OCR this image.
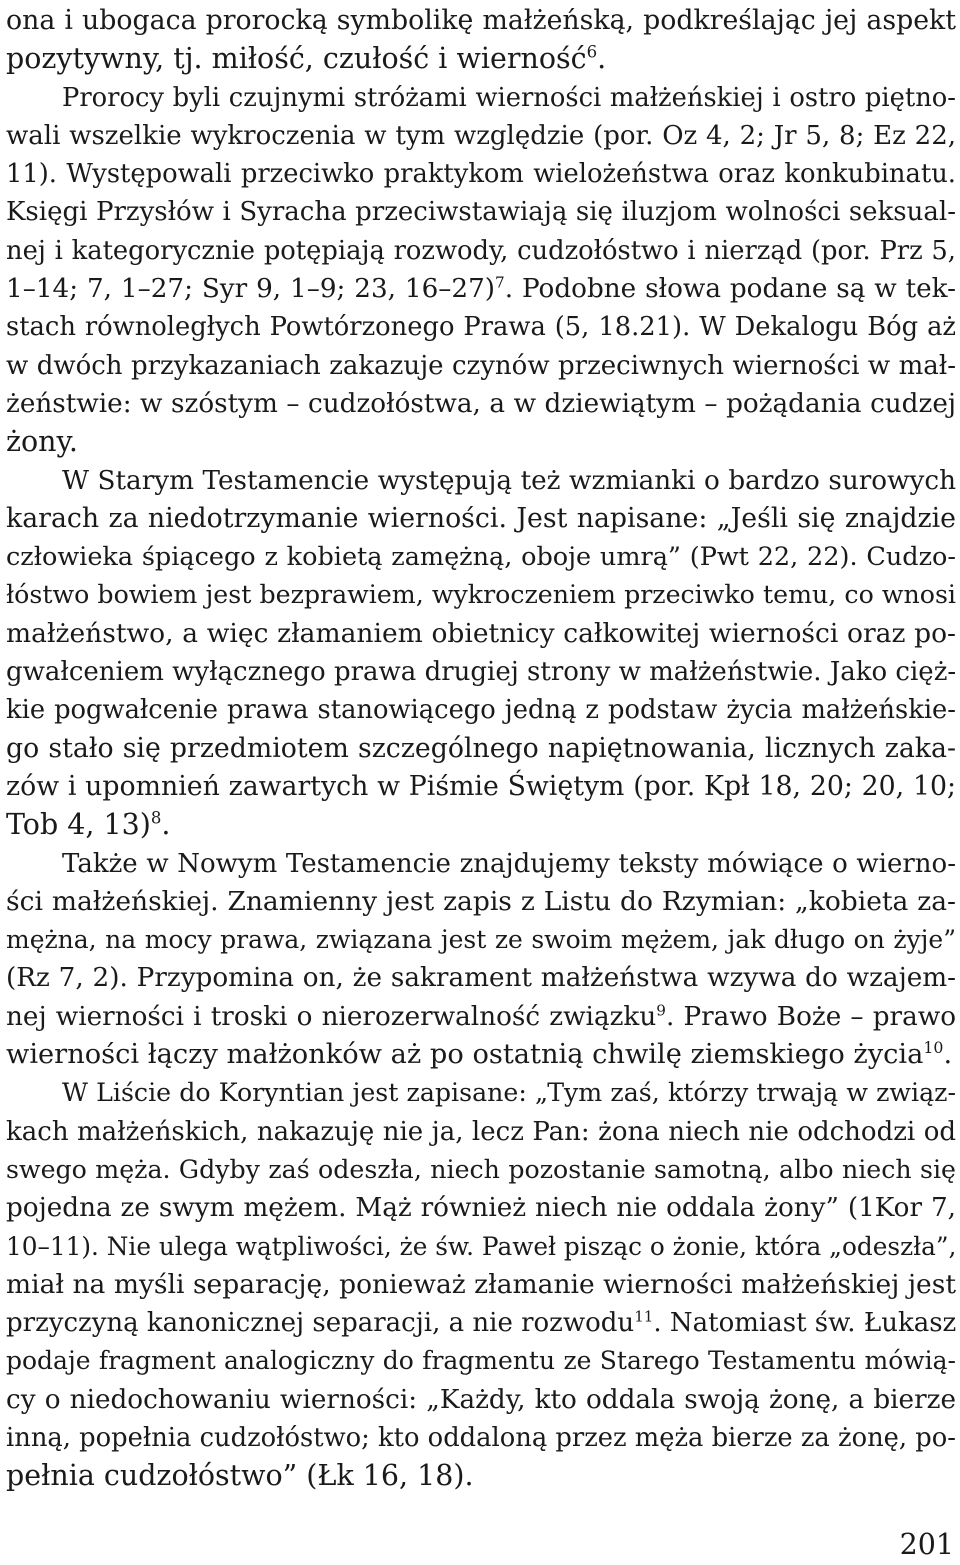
ona i ubogaca prorocką symbolikę małżeńską, podkreślając jej aspekt
pozytywny, tj. miłość, czułość i wierność$^6$.
Prorocy byli czujnymi stróżami wierności małżeńskiej i ostro piętno-
wali wszelkie wykroczenia w tym względzie (por. Oz 4, 2; Jr 5, 8; Ez 22,
11). Występowali przeciwko praktykom wielożeństwa oraz konkubinatu.
Księgi Przysłów i Syracha przeciwstawiają się iluzjom wolności seksual-
nej i kategorycznie potępiają rozwody, cudzołóstwo i nierząd (por. Prz 5,
1–14; 7, 1–27; Syr 9, 1–9; 23, 16–27)$^7$. Podobne słowa podane są w tek-
stach równoległych Powtórzonego Prawa (5, 18.21). W Dekalogu Bóg aż
w dwóch przykazaniach zakazuje czynów przeciwnych wierności w mał-
żeństwie: w szóstym – cudzołóstwa, a w dziewiątym – pożądania cudzej
żony.
W Starym Testamencie występują też wzmianki o bardzo surowych
karach za niedotrzymanie wierności. Jest napisane: „Jeśli się znajdzie
człowieka śpiącego z kobietą zamężną, oboje umrą” (Pwt 22, 22). Cudzo-
łóstwo bowiem jest bezprawiem, wykroczeniem przeciwko temu, co wnosi
małżeństwo, a więc złamaniem obietnicy całkowitej wierności oraz po-
gwałceniem wyłącznego prawa drugiej strony w małżeństwie. Jako cięż-
kie pogwałcenie prawa stanowiącego jedną z podstaw życia małżeńskie-
go stało się przedmiotem szczególnego napiętnowania, licznych zaka-
zów i upomnień zawartych w Piśmie Świętym (por. Kpł 18, 20; 20, 10;
Tob 4, 13)$^8$.
Także w Nowym Testamencie znajdujemy teksty mówiące o wierno-
ści małżeńskiej. Znamienny jest zapis z Listu do Rzymian: „kobieta za-
mężna, na mocy prawa, związana jest ze swoim mężem, jak długo on żyje”
(Rz 7, 2). Przypomina on, że sakrament małżeństwa wzywa do wzajem-
nej wierności i troski o nierozerwalność związku$^9$. Prawo Boże – prawo
wierności łączy małżonków aż po ostatnią chwilę ziemskiego życia$^{10}$.
W Liście do Koryntian jest zapisane: „Tym zaś, którzy trwają w związ-
kach małżeńskich, nakazuję nie ja, lecz Pan: żona niech nie odchodzi od
swego męża. Gdyby zaś odeszła, niech pozostanie samotną, albo niech się
pojedna ze swym mężem. Mąż również niech nie oddala żony” (1Kor 7,
10–11). Nie ulega wątpliwości, że św. Paweł pisząc o żonie, która „odeszła”,
miał na myśli separację, ponieważ złamanie wierności małżeńskiej jest
przyczyną kanonicznej separacji, a nie rozwodu$^{11}$. Natomiast św. Łukasz
podaje fragment analogiczny do fragmentu ze Starego Testamentu mówią-
cy o niedochowaniu wierności: „Każdy, kto oddala swoją żonę, a bierze
inną, popełnia cudzołóstwo; kto oddaloną przez męża bierze za żonę, po-
pełnia cudzołóstwo” (Łk 16, 18).
201
